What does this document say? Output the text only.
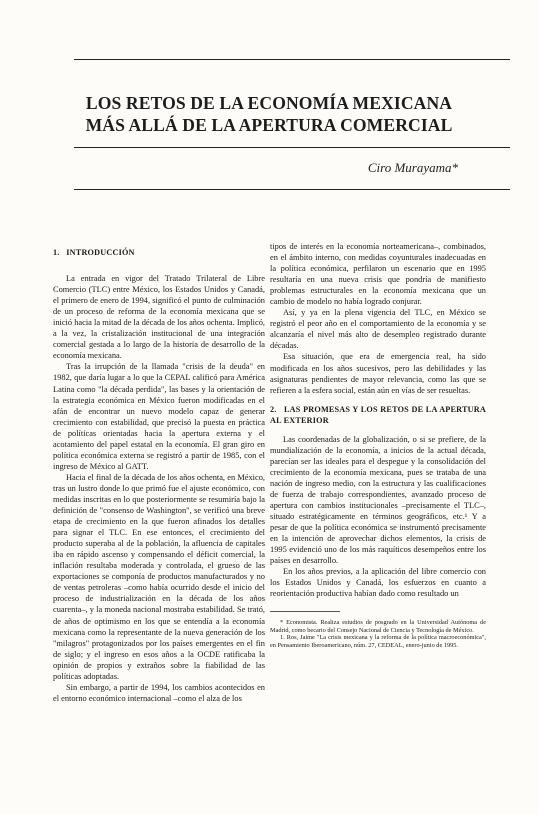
LOS RETOS DE LA ECONOMÍA MEXICANA
MÁS ALLÁ DE LA APERTURA COMERCIAL
Ciro Murayama*
1.   INTRODUCCIÓN

La entrada en vigor del Tratado Trilateral de Libre Comercio (TLC) entre México, los Estados Unidos y Canadá, el primero de enero de 1994, significó el punto de culminación de un proceso de reforma de la economía mexicana que se inició hacia la mitad de la década de los años ochenta. Implicó, a la vez, la cristalización institucional de una integración comercial gestada a lo largo de la historia de desarrollo de la economía mexicana.

Tras la irrupción de la llamada "crisis de la deuda" en 1982, que daría lugar a lo que la CEPAL calificó para América Latina como "la década perdida", las bases y la orientación de la estrategia económica en México fueron modificadas en el afán de encontrar un nuevo modelo capaz de generar crecimiento con estabilidad, que precisó la puesta en práctica de políticas orientadas hacia la apertura externa y el acotamiento del papel estatal en la economía. El gran giro en política económica externa se registró a partir de 1985, con el ingreso de México al GATT.

Hacia el final de la década de los años ochenta, en México, tras un lustro donde lo que primó fue el ajuste económico, con medidas inscritas en lo que posteriormente se resumiría bajo la definición de "consenso de Washington", se verificó una breve etapa de crecimiento en la que fueron afinados los detalles para signar el TLC. En ese entonces, el crecimiento del producto superaba al de la población, la afluencia de capitales iba en rápido ascenso y compensando el déficit comercial, la inflación resultaba moderada y controlada, el grueso de las exportaciones se componía de productos manufacturados y no de ventas petroleras –como había ocurrido desde el inicio del proceso de industrialización en la década de los años cuarenta–, y la moneda nacional mostraba estabilidad. Se trató, de años de optimismo en los que se entendía a la economía mexicana como la representante de la nueva generación de los "milagros" protagonizados por los países emergentes en el fin de siglo; y el ingreso en esos años a la OCDE ratificaba la opinión de propios y extraños sobre la fiabilidad de las políticas adoptadas.

Sin embargo, a partir de 1994, los cambios acontecidos en el entorno económico internacional –como el alza de los

tipos de interés en la economía norteamericana–, combinados, en el ámbito interno, con medidas coyunturales inadecuadas en la política económica, perfilaron un escenario que en 1995 resultaría en una nueva crisis que pondría de manifiesto problemas estructurales en la economía mexicana que un cambio de modelo no había logrado conjurar.

Así, y ya en la plena vigencia del TLC, en México se registró el peor año en el comportamiento de la economía y se alcanzaría el nivel más alto de desempleo registrado durante décadas.

Esa situación, que era de emergencia real, ha sido modificada en los años sucesivos, pero las debilidades y las asignaturas pendientes de mayor relevancia, como las que se refieren a la esfera social, están aún en vías de ser resueltas.

2. LAS PROMESAS Y LOS RETOS DE LA APERTURA AL EXTERIOR

Las coordenadas de la globalización, o si se prefiere, de la mundialización de la economía, a inicios de la actual década, parecían ser las ideales para el despegue y la consolidación del crecimiento de la economía mexicana, pues se trataba de una nación de ingreso medio, con la estructura y las cualificaciones de fuerza de trabajo correspondientes, avanzado proceso de apertura con cambios institucionales –precisamente el TLC–, situado estratégicamente en términos geográficos, etc.¹ Y a pesar de que la política económica se instrumentó precisamente en la intención de aprovechar dichos elementos, la crisis de 1995 evidenció uno de los más raquíticos desempeños entre los países en desarrollo.

En los años previos, a la aplicación del libre comercio con los Estados Unidos y Canadá, los esfuerzos en cuanto a reorientación productiva habían dado como resultado un

* Economista. Realiza estudios de posgrado en la Universidad Autónoma de Madrid, como becario del Consejo Nacional de Ciencia y Tecnología de México.

1. Ros, Jaime "La crisis mexicana y la reforma de la política macroeconómica", en Pensamiento Iberoamericano, núm. 27, CEDEAL, enero-junio de 1995.
